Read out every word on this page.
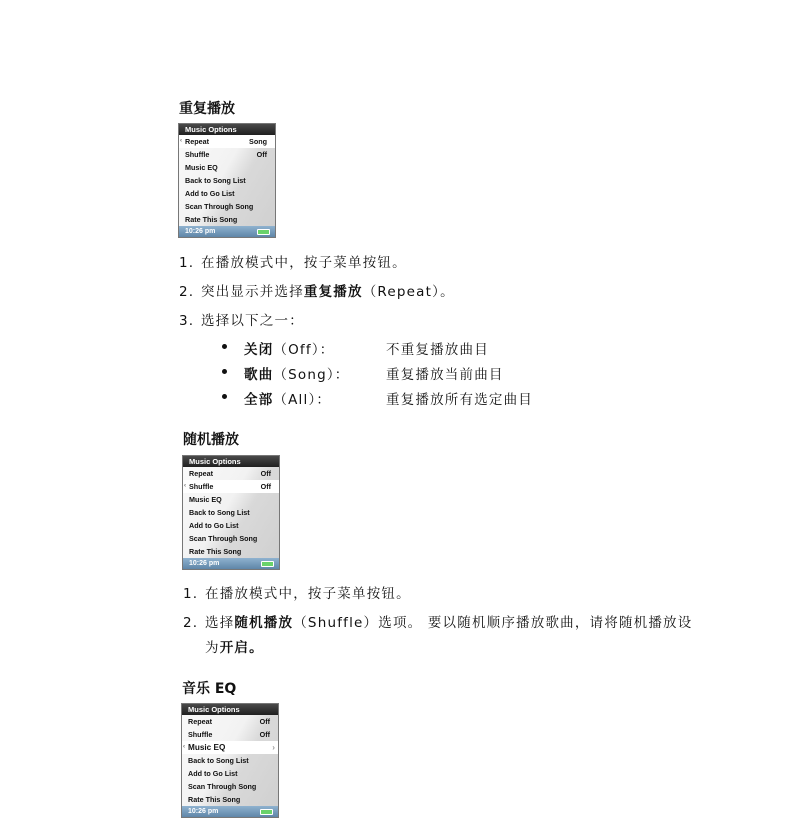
重复播放
Music Options
‹ Repeat	Song
Shuffle	Off
Music EQ
Back to Song List
Add to Go List
Scan Through Song
Rate This Song
10:26 pm
1. 在播放模式中，按子菜单按钮。
2. 突出显示并选择重复播放（Repeat）。
3. 选择以下之一：
关闭（Off）：	不重复播放曲目
歌曲（Song）：	重复播放当前曲目
全部（All）：	重复播放所有选定曲目
随机播放
Music Options
Repeat	Off
‹ Shuffle	Off
Music EQ
Back to Song List
Add to Go List
Scan Through Song
Rate This Song
10:26 pm
1. 在播放模式中，按子菜单按钮。
2. 选择随机播放（Shuffle）选项。 要以随机顺序播放歌曲，请将随机播放设
为开启。
音乐 EQ
Music Options
Repeat	Off
Shuffle	Off
‹ Music EQ	›
Back to Song List
Add to Go List
Scan Through Song
Rate This Song
10:26 pm
